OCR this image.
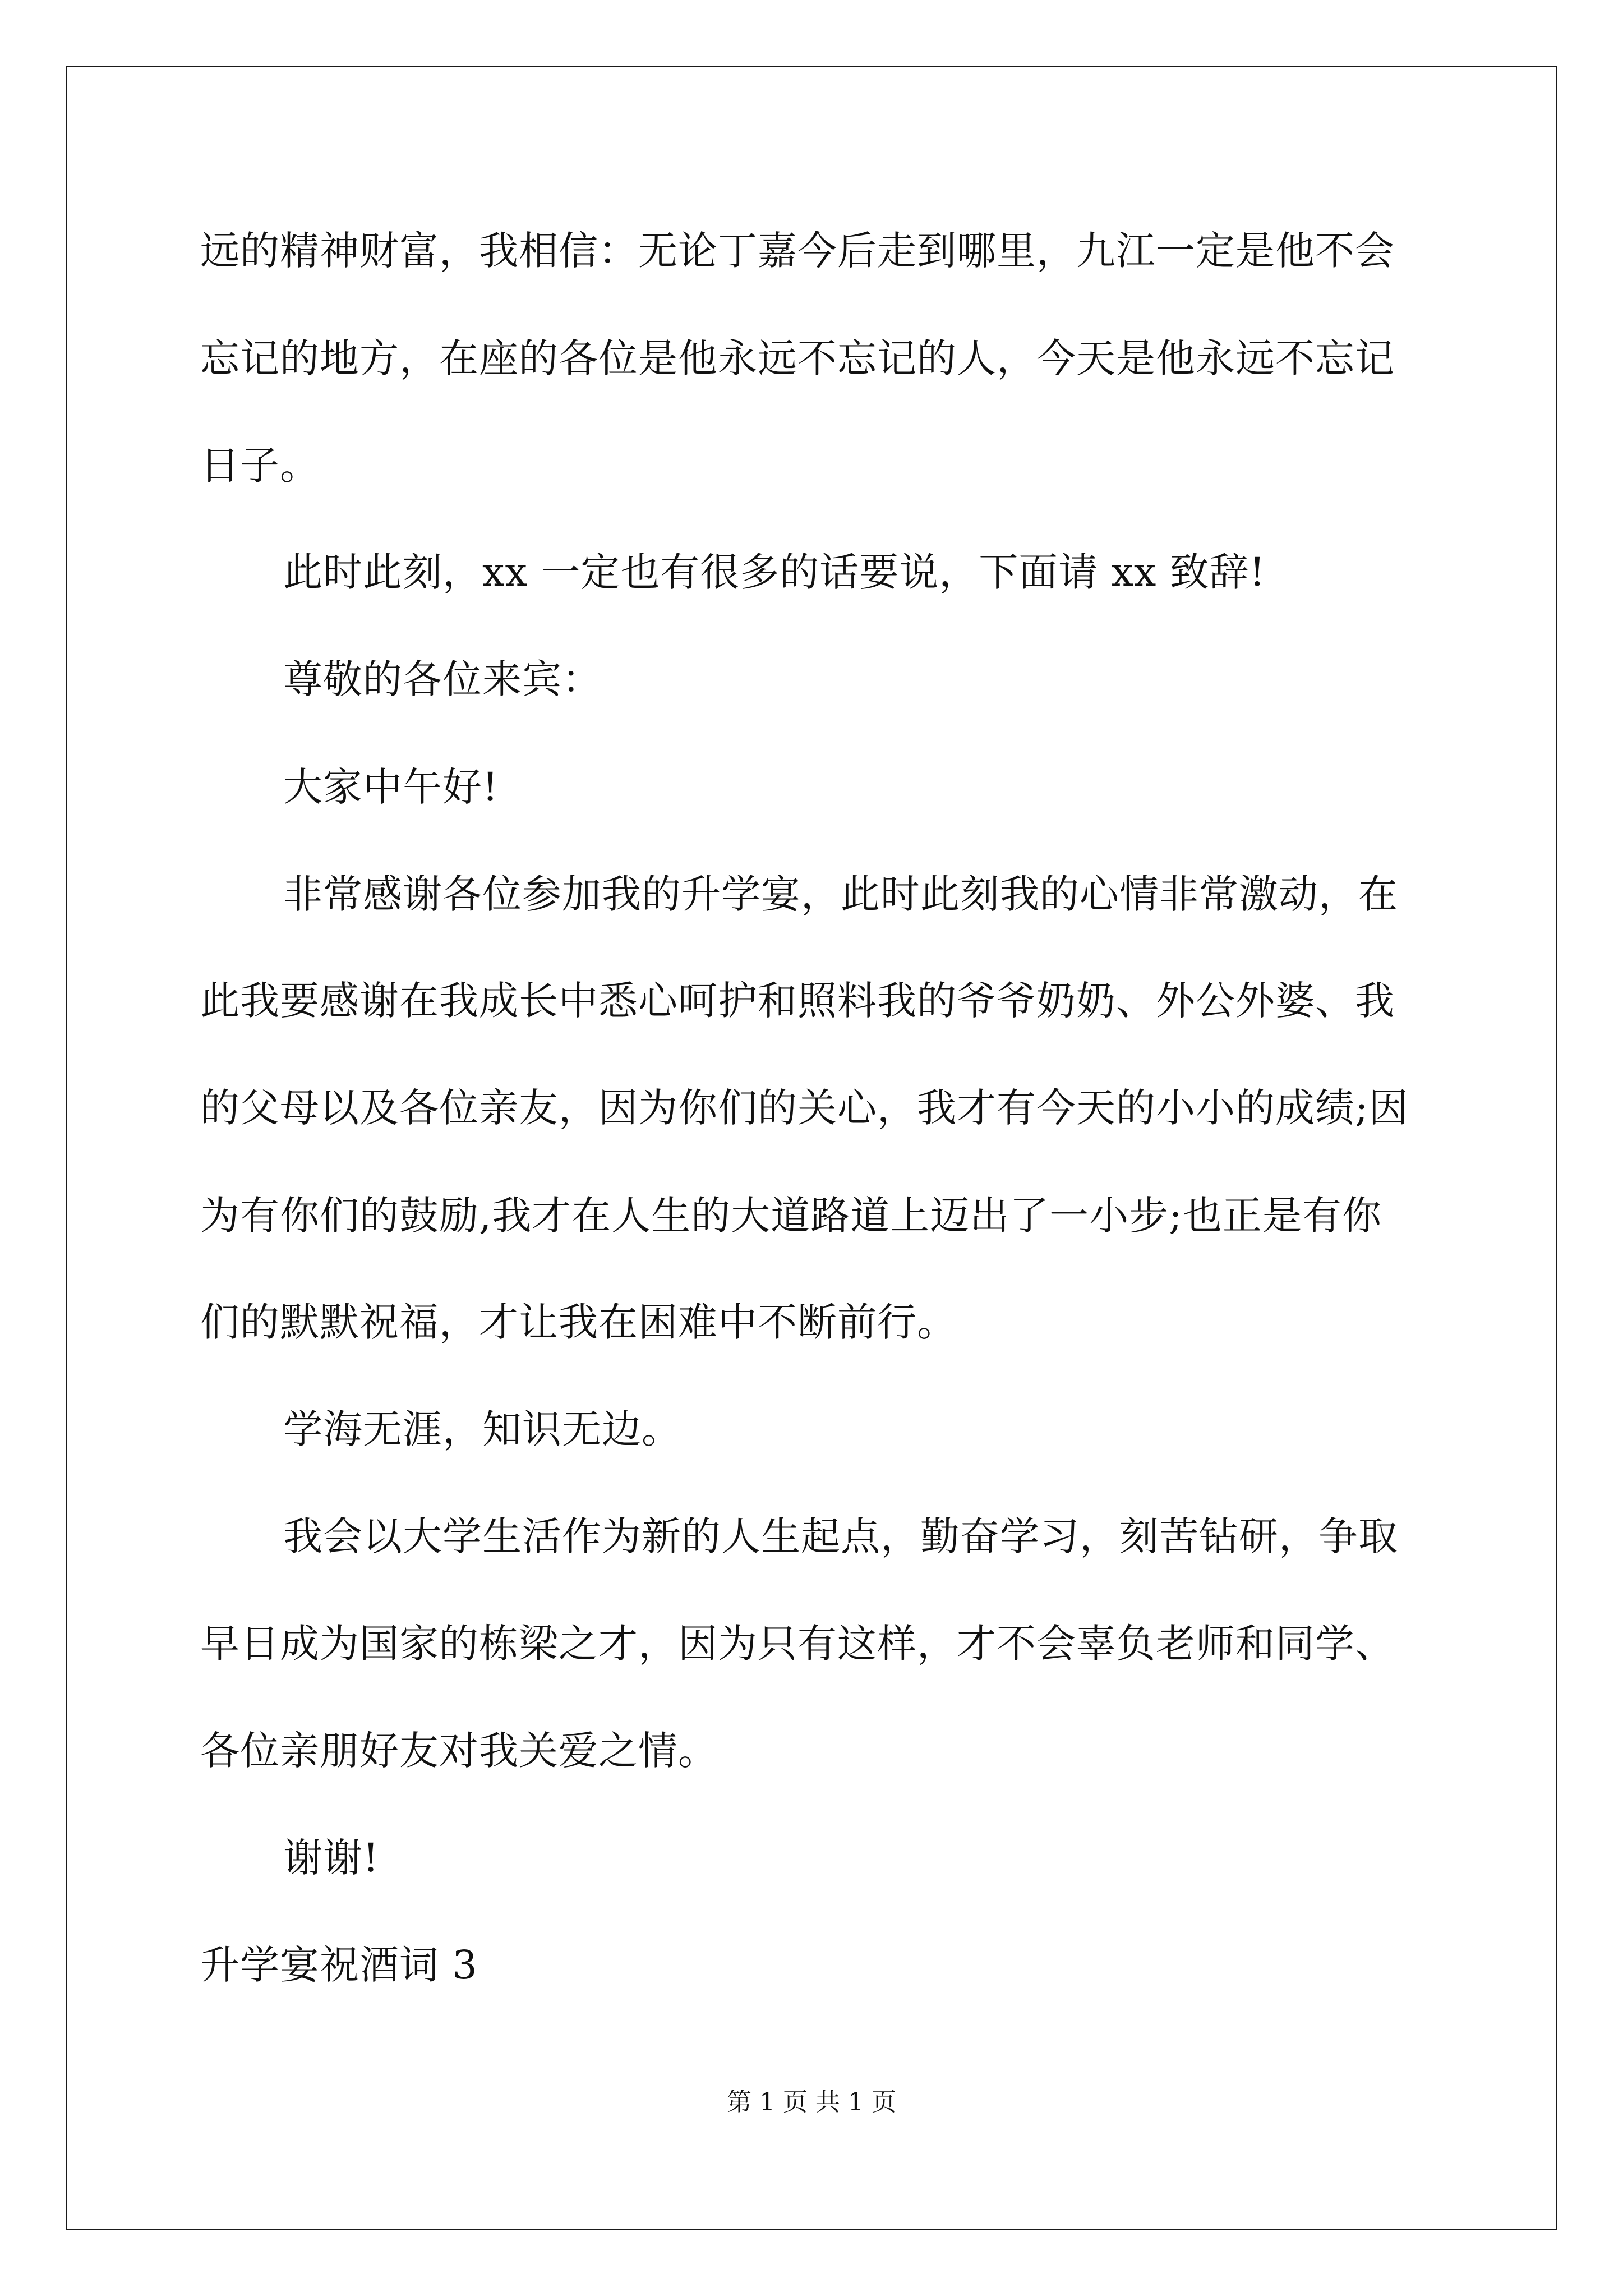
远的精神财富，我相信：无论丁嘉今后走到哪里，九江一定是他不会
忘记的地方，在座的各位是他永远不忘记的人，今天是他永远不忘记
日子。
此时此刻，xx 一定也有很多的话要说，下面请 xx 致辞!
尊敬的各位来宾：
大家中午好!
非常感谢各位参加我的升学宴，此时此刻我的心情非常激动，在
此我要感谢在我成长中悉心呵护和照料我的爷爷奶奶、外公外婆、我
的父母以及各位亲友，因为你们的关心，我才有今天的小小的成绩;因
为有你们的鼓励,我才在人生的大道路道上迈出了一小步;也正是有你
们的默默祝福，才让我在困难中不断前行。
学海无涯，知识无边。
我会以大学生活作为新的人生起点，勤奋学习，刻苦钻研，争取
早日成为国家的栋梁之才，因为只有这样，才不会辜负老师和同学、
各位亲朋好友对我关爱之情。
谢谢!
升学宴祝酒词 3
第 1 页 共 1 页
